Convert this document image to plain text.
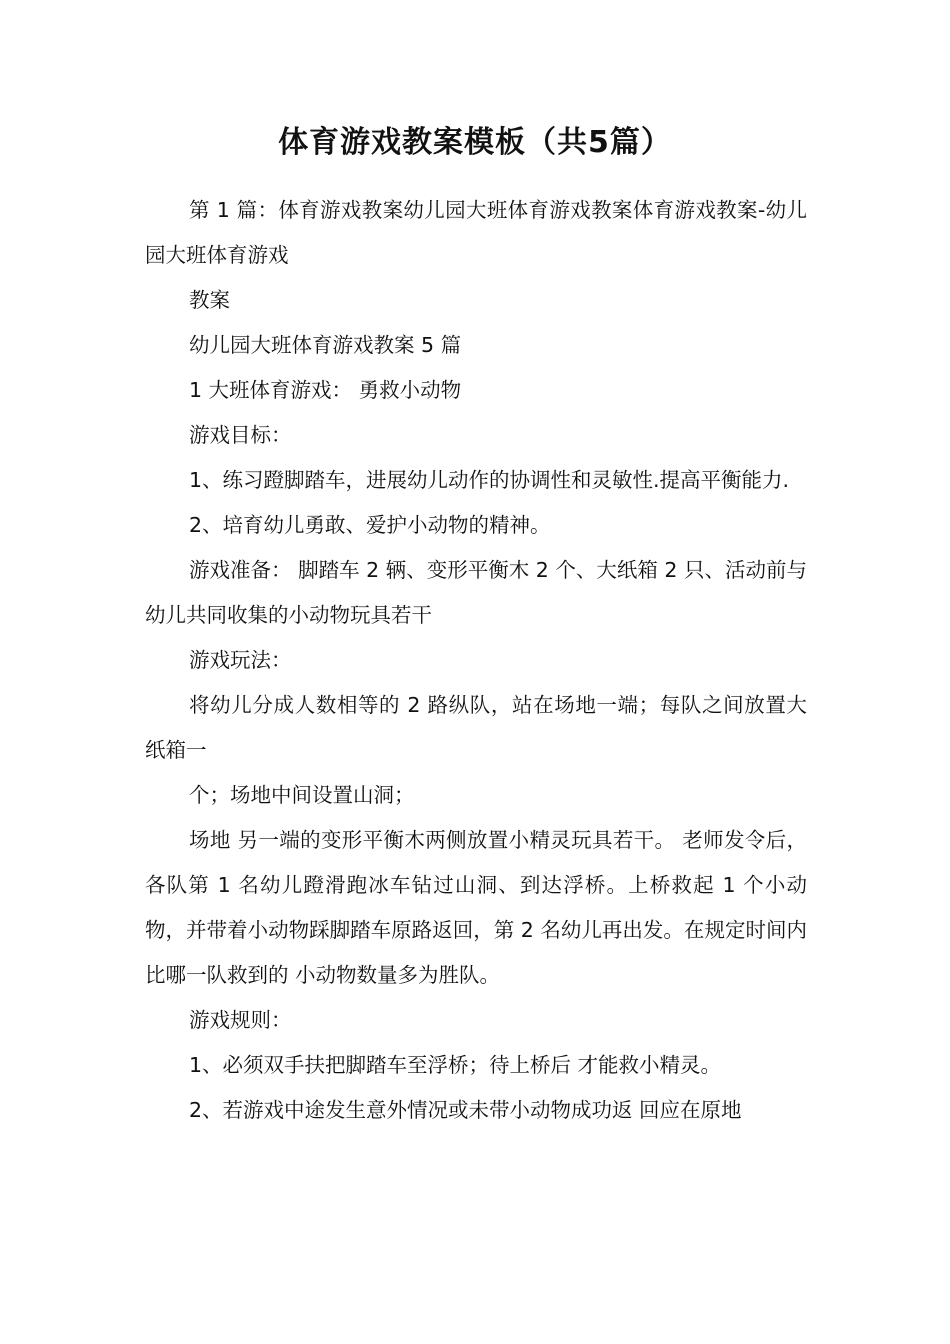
体育游戏教案模板（共5篇）

第 1 篇：体育游戏教案幼儿园大班体育游戏教案体育游戏教案-幼儿园大班体育游戏

教案

幼儿园大班体育游戏教案 5 篇

1 大班体育游戏： 勇救小动物

游戏目标：

1、练习蹬脚踏车，进展幼儿动作的协调性和灵敏性.提高平衡能力.

2、培育幼儿勇敢、爱护小动物的精神。

游戏准备： 脚踏车 2 辆、变形平衡木 2 个、大纸箱 2 只、活动前与幼儿共同收集的小动物玩具若干

游戏玩法：

将幼儿分成人数相等的 2 路纵队，站在场地一端；每队之间放置大纸箱一

个；场地中间设置山洞；

场地 另一端的变形平衡木两侧放置小精灵玩具若干。 老师发令后，各队第 1 名幼儿蹬滑跑冰车钻过山洞、到达浮桥。上桥救起 1 个小动物，并带着小动物踩脚踏车原路返回，第 2 名幼儿再出发。在规定时间内比哪一队救到的 小动物数量多为胜队。

游戏规则：

1、必须双手扶把脚踏车至浮桥；待上桥后 才能救小精灵。

2、若游戏中途发生意外情况或未带小动物成功返 回应在原地
